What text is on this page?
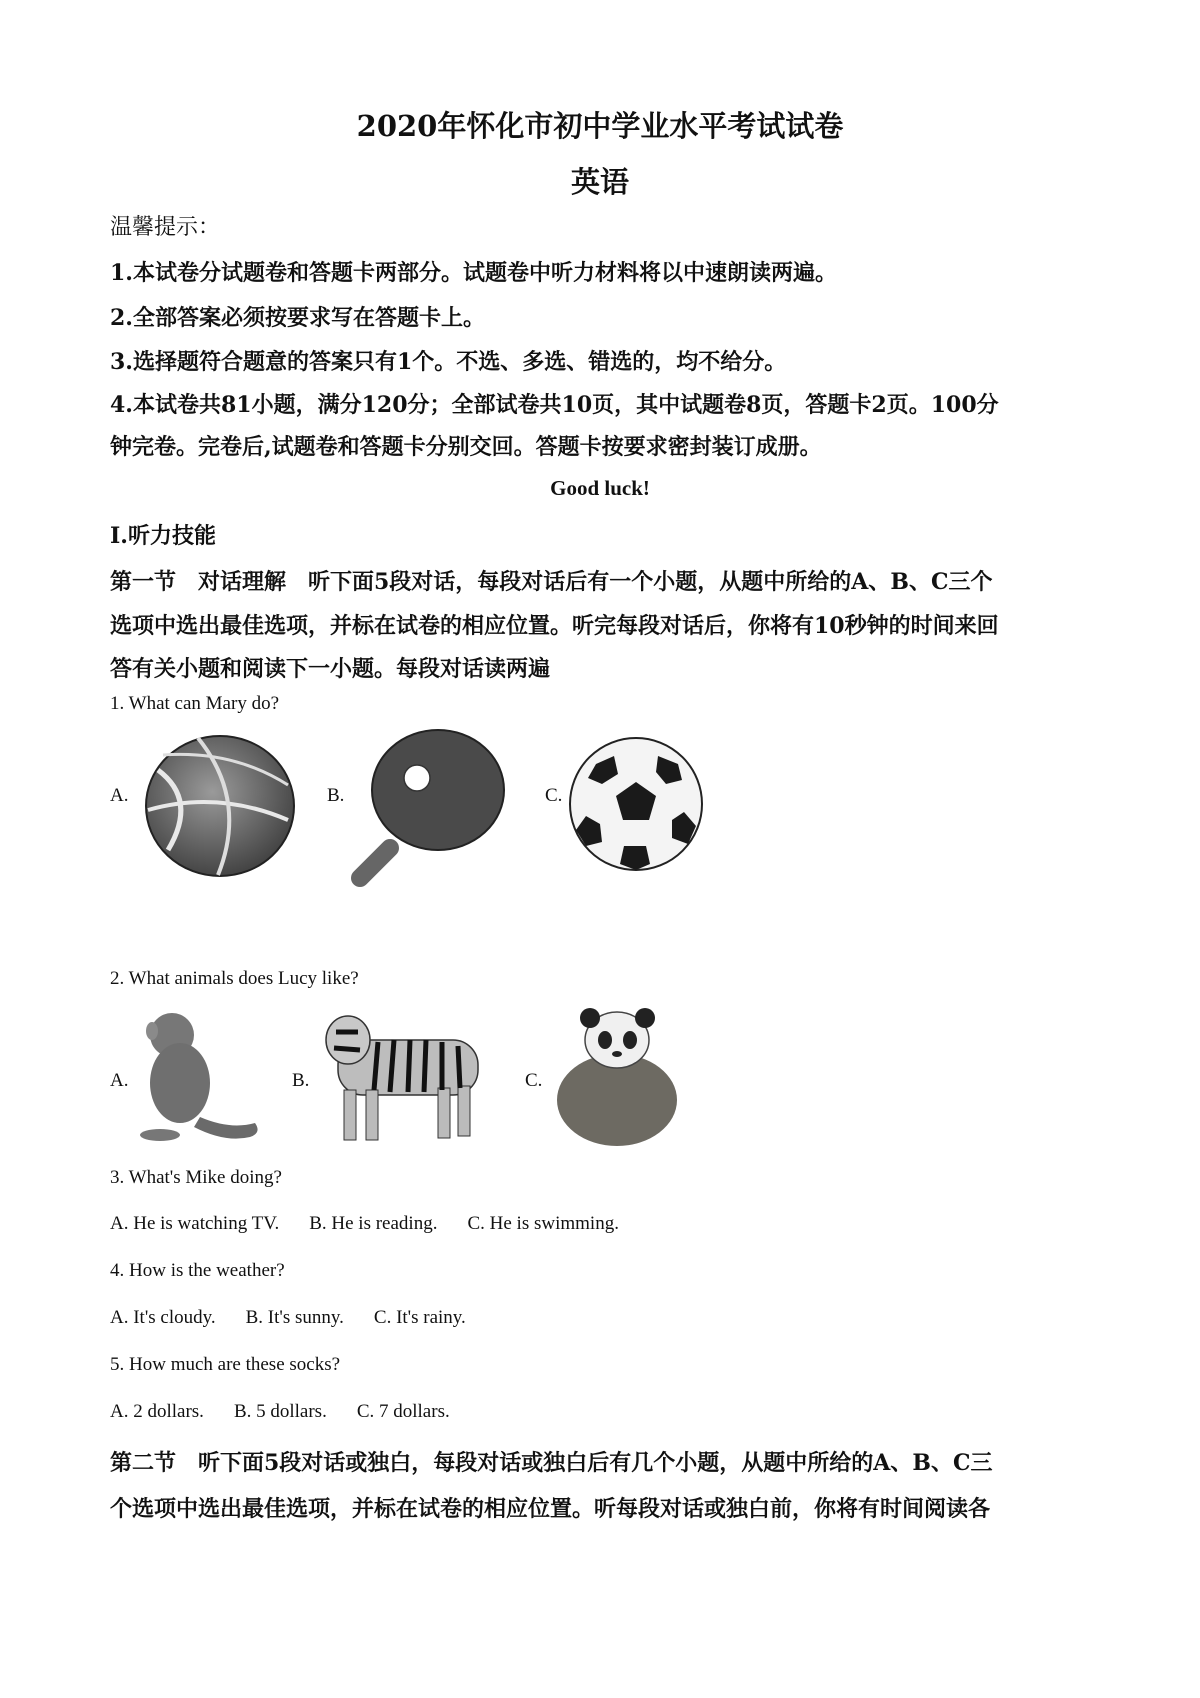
2020年怀化市初中学业水平考试试卷
英语
温馨提示：
1.本试卷分试题卷和答题卡两部分。试题卷中听力材料将以中速朗读两遍。
2.全部答案必须按要求写在答题卡上。
3.选择题符合题意的答案只有1个。不选、多选、错选的，均不给分。
4.本试卷共81小题，满分120分；全部试卷共10页，其中试题卷8页，答题卡2页。100分
钟完卷。完卷后,试题卷和答题卡分别交回。答题卡按要求密封装订成册。
Good luck!
I.听力技能
第一节　对话理解　听下面5段对话，每段对话后有一个小题，从题中所给的A、B、C三个
选项中选出最佳选项，并标在试卷的相应位置。听完每段对话后，你将有10秒钟的时间来回
答有关小题和阅读下一小题。每段对话读两遍
1. What can Mary do?
A.	B.	C.
2. What animals does Lucy like?
A.	B.	C.
3. What's Mike doing?
A. He is watching TV. B. He is reading. C. He is swimming.
4. How is the weather?
A. It's cloudy. B. It's sunny. C. It's rainy.
5. How much are these socks?
A. 2 dollars. B. 5 dollars. C. 7 dollars.
第二节　听下面5段对话或独白，每段对话或独白后有几个小题，从题中所给的A、B、C三
个选项中选出最佳选项，并标在试卷的相应位置。听每段对话或独白前，你将有时间阅读各
